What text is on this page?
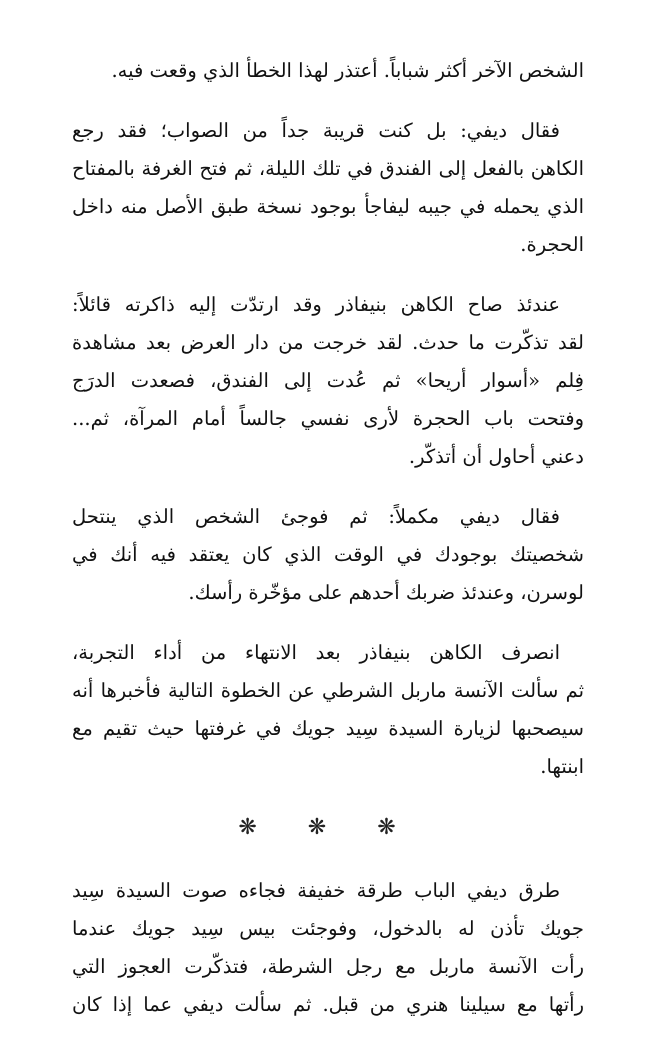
الشخص الآخر أكثر شباباً. أعتذر لهذا الخطأ الذي وقعت فيه.

فقال ديفي: بل كنت قريبة جداً من الصواب؛ فقد رجع
الكاهن بالفعل إلى الفندق في تلك الليلة، ثم فتح الغرفة بالمفتاح
الذي يحمله في جيبه ليفاجأ بوجود نسخة طبق الأصل منه داخل
الحجرة.

عندئذ صاح الكاهن بنيفاذر وقد ارتدّت إليه ذاكرته قائلاً:
لقد تذكّرت ما حدث. لقد خرجت من دار العرض بعد مشاهدة
فِلم «أسوار أريحا» ثم عُدت إلى الفندق، فصعدت الدرَج
وفتحت باب الحجرة لأرى نفسي جالساً أمام المرآة، ثم...
دعني أحاول أن أتذكّر.

فقال ديفي مكملاً: ثم فوجئ الشخص الذي ينتحل
شخصيتك بوجودك في الوقت الذي كان يعتقد فيه أنك في
لوسرن، وعندئذ ضربك أحدهم على مؤخّرة رأسك.

انصرف الكاهن بنيفاذر بعد الانتهاء من أداء التجربة،
ثم سألت الآنسة ماربل الشرطي عن الخطوة التالية فأخبرها أنه
سيصحبها لزيارة السيدة سِيد جويك في غرفتها حيث تقيم مع
ابنتها.

❋ ❋ ❋

طرق ديفي الباب طرقة خفيفة فجاءه صوت السيدة سِيد
جويك تأذن له بالدخول، وفوجئت بيس سِيد جويك عندما
رأت الآنسة ماربل مع رجل الشرطة، فتذكّرت العجوز التي
رأتها مع سيلينا هنري من قبل. ثم سألت ديفي عما إذا كان
